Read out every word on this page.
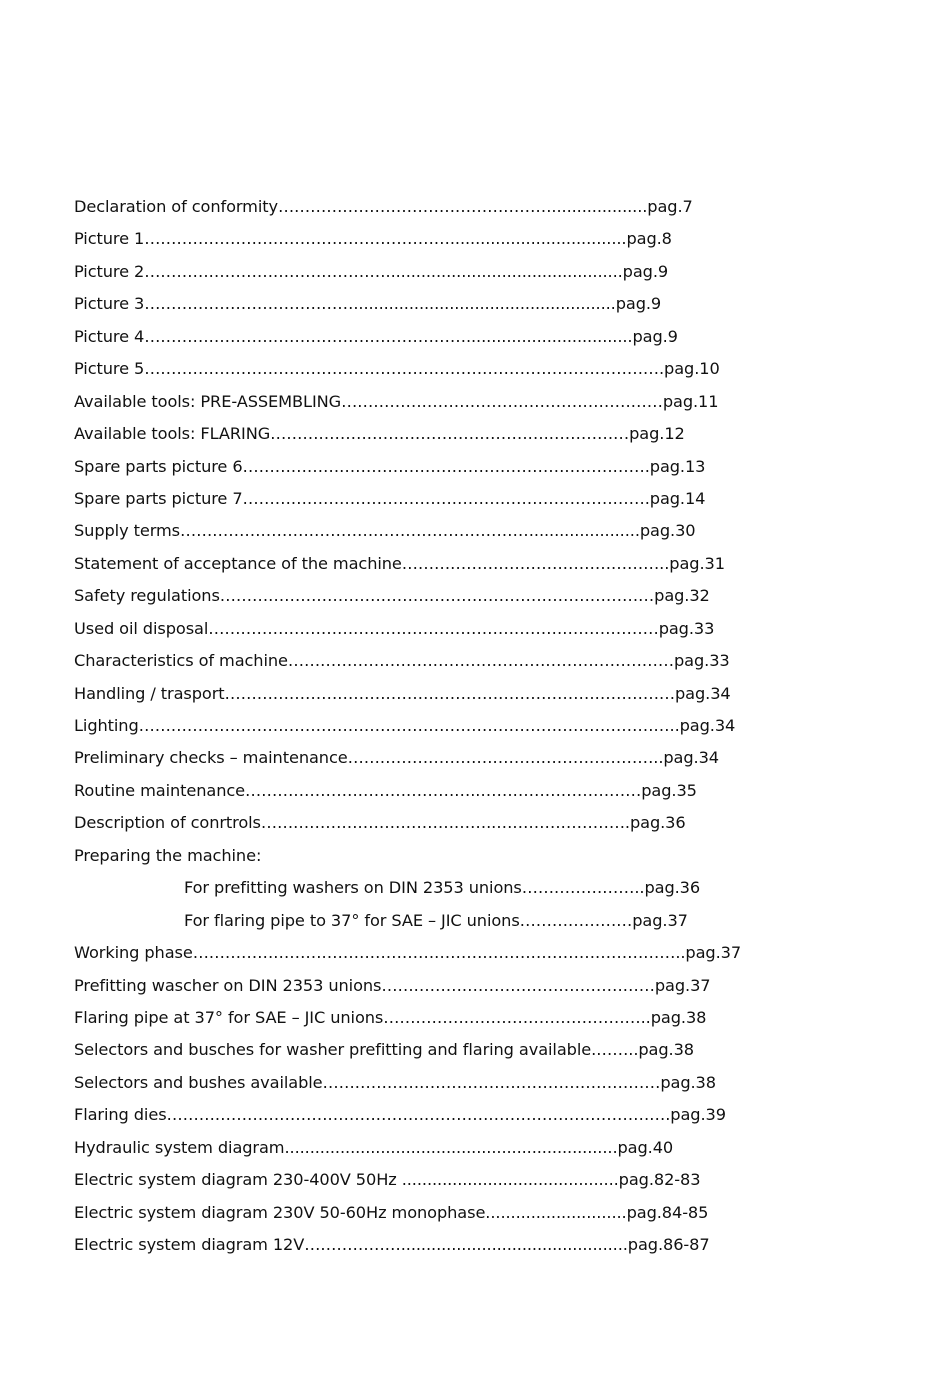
Declaration of conformity……………………………………………...................pag.7
Picture 1…………………………………………………...................................pag.8
Picture 2………………………………………...............................................pag.9
Picture 3…………………………………....................................................pag.9
Picture 4…………………………………………………….................................pag.9
Picture 5…………………………………………………………………………………….pag.10
Available tools: PRE-ASSEMBLING……………………………………………………pag.11
Available tools: FLARING…………………………………………….……………pag.12
Spare parts picture 6………………………………………………………………….pag.13
Spare parts picture 7………………………………………………………………….pag.14
Supply terms………………………………………………………….....................pag.30
Statement of acceptance of the machine…………………………………………..pag.31
Safety regulations………………………………………………………………………pag.32
Used oil disposal…………………………………………………………………………pag.33
Characteristics of machine………………………………………………………………pag.33
Handling / trasport…………………………………………………………………………pag.34
Lighting………………………………………………………………………………………..pag.34
Preliminary checks – maintenance…………………………………………………..pag.34
Routine maintenance……………………………………..…………………………pag.35
Description of conrtrols……………………………………..…………………….pag.36
Preparing the machine:
For prefitting washers on DIN 2353 unions…………………..pag.36
For flaring pipe to 37° for SAE – JIC unions…………………pag.37
Working phase………………………………………………………………………………..pag.37
Prefitting wascher on DIN 2353 unions……………………………………………pag.37
Flaring pipe at 37° for SAE – JIC unions…………………………………………..pag.38
Selectors and busches for washer prefitting and flaring available.……..pag.38
Selectors and bushes available………………………………………………………pag.38
Flaring dies………………………………………………………………………………….pag.39
Hydraulic system diagram..................................................................pag.40
Electric system diagram 230-400V 50Hz ...........................................pag.82-83
Electric system diagram 230V 50-60Hz monophase............................pag.84-85
Electric system diagram 12V……………….............................................pag.86-87
